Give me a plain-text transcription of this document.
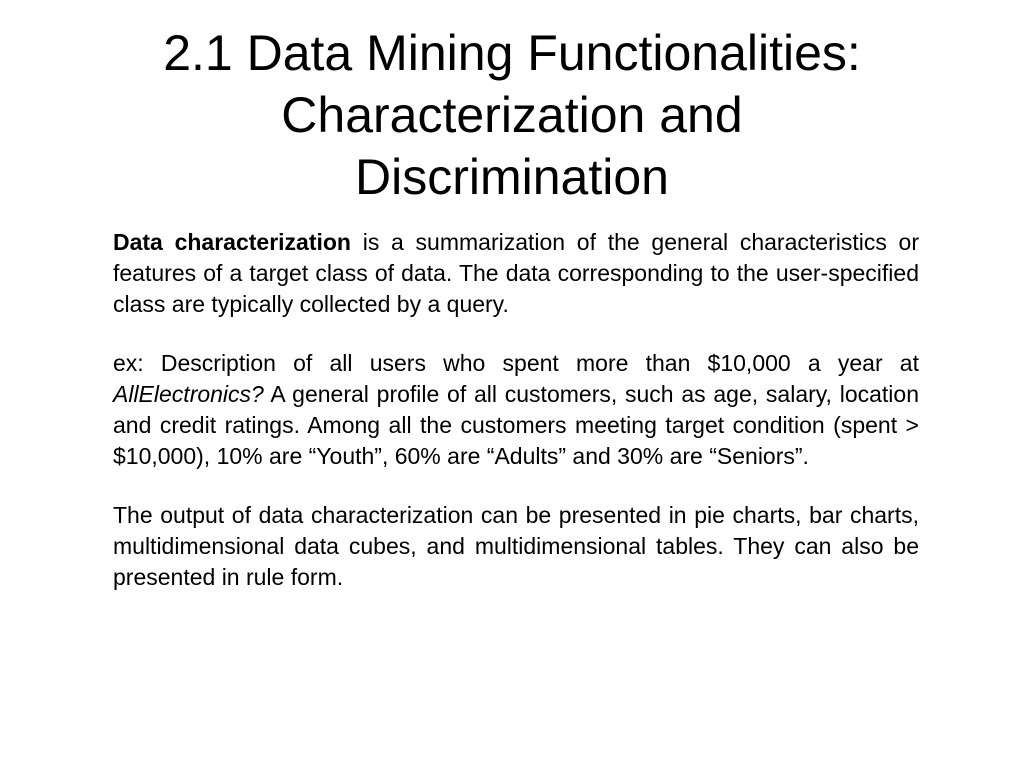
2.1 Data Mining Functionalities:
Characterization and
Discrimination

Data characterization is a summarization of the general characteristics or features of a target class of data. The data corresponding to the user-specified class are typically collected by a query.

ex: Description of all users who spent more than $10,000 a year at AllElectronics? A general profile of all customers, such as age, salary, location and credit ratings. Among all the customers meeting target condition (spent > $10,000), 10% are “Youth”, 60% are “Adults” and 30% are “Seniors”.

The output of data characterization can be presented in pie charts, bar charts, multidimensional data cubes, and multidimensional tables. They can also be presented in rule form.
